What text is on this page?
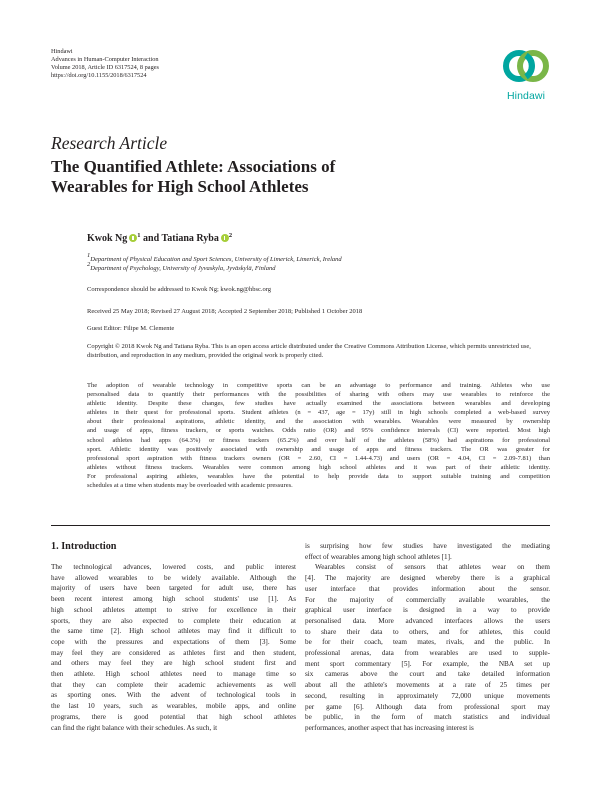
Hindawi
Advances in Human-Computer Interaction
Volume 2018, Article ID 6317524, 8 pages
https://doi.org/10.1155/2018/6317524
Hindawi
Research Article
The Quantified Athlete: Associations of
Wearables for High School Athletes
Kwok Ng $^1$ and Tatiana Ryba $^2$
$^1$Department of Physical Education and Sport Sciences, University of Limerick, Limerick, Ireland
$^2$Department of Psychology, University of Jyvaskyla, Jyväskylä, Finland
Correspondence should be addressed to Kwok Ng; kwok.ng@hbsc.org
Received 25 May 2018; Revised 27 August 2018; Accepted 2 September 2018; Published 1 October 2018
Guest Editor: Filipe M. Clemente
Copyright © 2018 Kwok Ng and Tatiana Ryba. This is an open access article distributed under the Creative Commons Attribution License, which permits unrestricted use, distribution, and reproduction in any medium, provided the original work is properly cited.
The adoption of wearable technology in competitive sports can be an advantage to performance and training. Athletes who use
personalised data to quantify their performances with the possibilities of sharing with others may use wearables to reinforce the
athletic identity. Despite these changes, few studies have actually examined the associations between wearables and developing
athletes in their quest for professional sports. Student athletes (n = 437, age = 17y) still in high schools completed a web-based survey
about their professional aspirations, athletic identity, and the association with wearables. Wearables were measured by ownership
and usage of apps, fitness trackers, or sports watches. Odds ratio (OR) and 95% confidence intervals (CI) were reported. Most high
school athletes had apps (64.3%) or fitness trackers (65.2%) and over half of the athletes (58%) had aspirations for professional
sport. Athletic identity was positively associated with ownership and usage of apps and fitness trackers. The OR was greater for
professional sport aspiration with fitness trackers owners (OR = 2.60, CI = 1.44-4.73) and users (OR = 4.04, CI = 2.09-7.81) than
athletes without fitness trackers. Wearables were common among high school athletes and it was part of their athletic identity.
For professional aspiring athletes, wearables have the potential to help provide data to support suitable training and competition
schedules at a time when students may be overloaded with academic pressures.
1. Introduction
The technological advances, lowered costs, and public interest
have allowed wearables to be widely available. Although the
majority of users have been targeted for adult use, there has
been recent interest among high school students' use [1]. As
high school athletes attempt to strive for excellence in their
sports, they are also expected to complete their education at
the same time [2]. High school athletes may find it difficult to
cope with the pressures and expectations of them [3]. Some
may feel they are considered as athletes first and then student,
and others may feel they are high school student first and
then athlete. High school athletes need to manage time so
that they can complete their academic achievements as well
as sporting ones. With the advent of technological tools in
the last 10 years, such as wearables, mobile apps, and online
programs, there is good potential that high school athletes
can find the right balance with their schedules. As such, it
is surprising how few studies have investigated the mediating
effect of wearables among high school athletes [1].
Wearables consist of sensors that athletes wear on them
[4]. The majority are designed whereby there is a graphical
user interface that provides information about the sensor.
For the majority of commercially available wearables, the
graphical user interface is designed in a way to provide
personalised data. More advanced interfaces allows the users
to share their data to others, and for athletes, this could
be for their coach, team mates, rivals, and the public. In
professional arenas, data from wearables are used to supple-
ment sport commentary [5]. For example, the NBA set up
six cameras above the court and take detailed information
about all the athlete's movements at a rate of 25 times per
second, resulting in approximately 72,000 unique movements
per game [6]. Although data from professional sport may
be public, in the form of match statistics and individual
performances, another aspect that has increasing interest is
